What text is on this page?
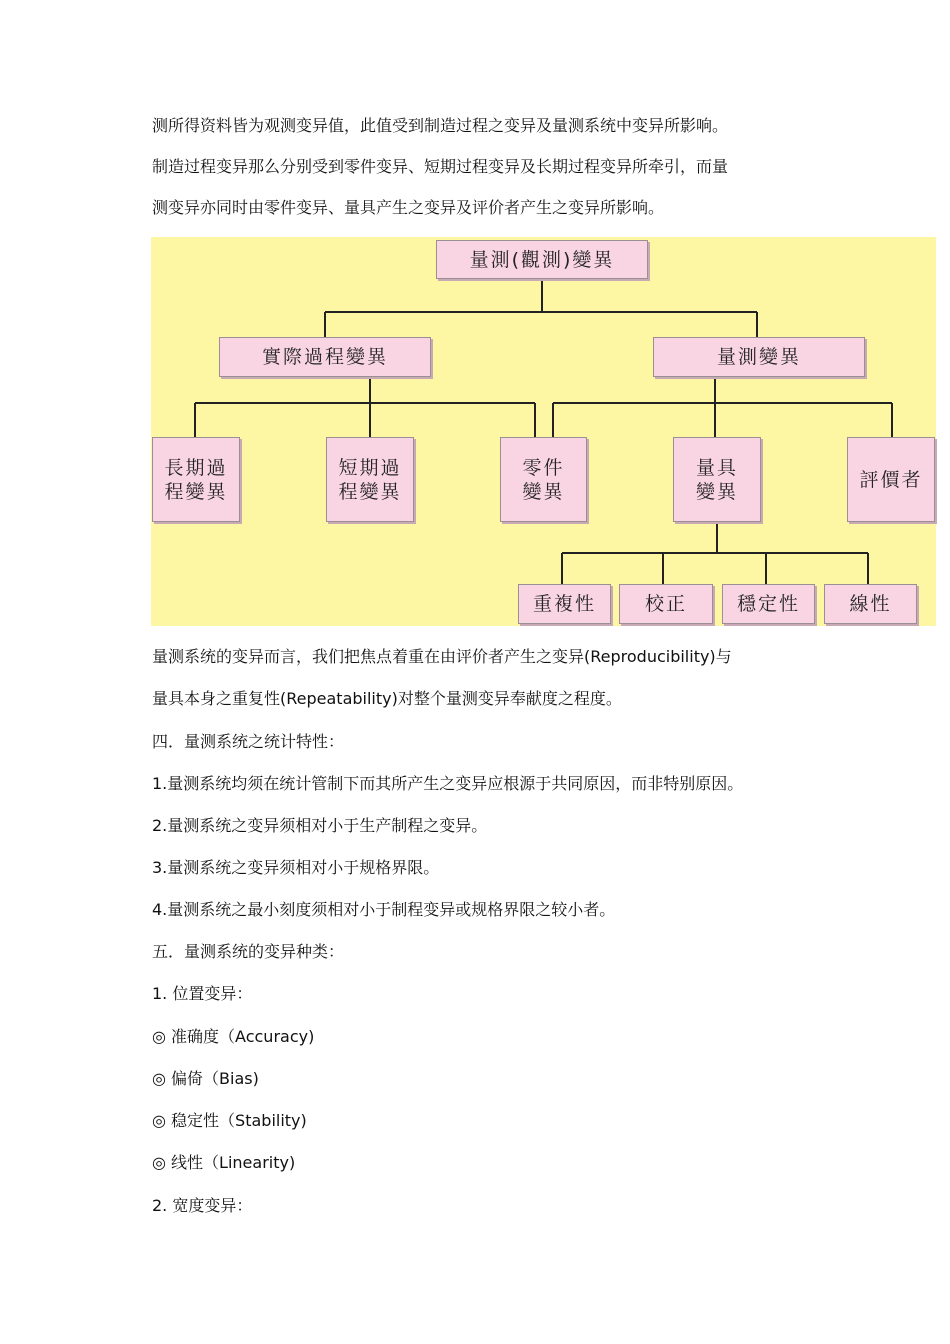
测所得资料皆为观测变异值，此值受到制造过程之变异及量测系统中变异所影响。
制造过程变异那么分别受到零件变异、短期过程变异及长期过程变异所牵引，而量
测变异亦同时由零件变异、量具产生之变异及评价者产生之变异所影响。
量測(觀測)變異
實際過程變異	量測變異
長期過
程變異
短期過
程變異
零件
變異
量具
變異
評價者
重複性	校正	穩定性	線性
量测系统的变异而言，我们把焦点着重在由评价者产生之变异(Reproducibility)与
量具本身之重复性(Repeatability)对整个量测变异奉献度之程度。
四．量测系统之统计特性：
1.量测系统均须在统计管制下而其所产生之变异应根源于共同原因，而非特别原因。
2.量测系统之变异须相对小于生产制程之变异。
3.量测系统之变异须相对小于规格界限。
4.量测系统之最小刻度须相对小于制程变异或规格界限之较小者。
五．量测系统的变异种类：
1. 位置变异：
◎ 准确度（Accuracy)
◎ 偏倚（Bias)
◎ 稳定性（Stability)
◎ 线性（Linearity)
2. 宽度变异：
